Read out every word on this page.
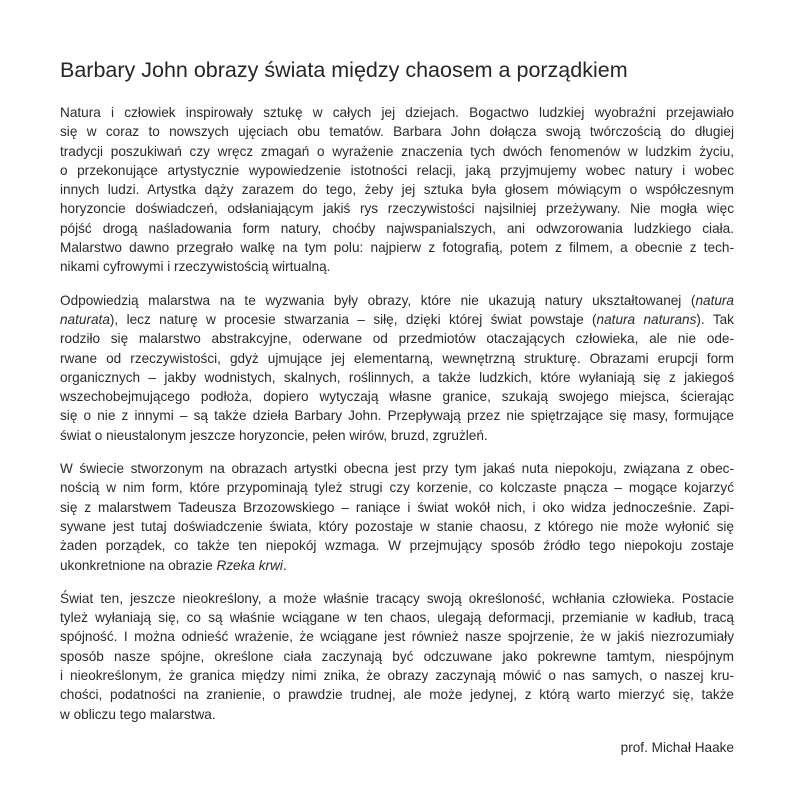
Barbary John obrazy świata między chaosem a porządkiem

Natura i człowiek inspirowały sztukę w całych jej dziejach. Bogactwo ludzkiej wyobraźni przejawiało
się w coraz to nowszych ujęciach obu tematów. Barbara John dołącza swoją twórczością do długiej
tradycji poszukiwań czy wręcz zmagań o wyrażenie znaczenia tych dwóch fenomenów w ludzkim życiu,
o przekonujące artystycznie wypowiedzenie istotności relacji, jaką przyjmujemy wobec natury i wobec
innych ludzi. Artystka dąży zarazem do tego, żeby jej sztuka była głosem mówiącym o współczesnym
horyzoncie doświadczeń, odsłaniającym jakiś rys rzeczywistości najsilniej przeżywany. Nie mogła więc
pójść drogą naśladowania form natury, choćby najwspanialszych, ani odwzorowania ludzkiego ciała.
Malarstwo dawno przegrało walkę na tym polu: najpierw z fotografią, potem z filmem, a obecnie z tech-
nikami cyfrowymi i rzeczywistością wirtualną.

Odpowiedzią malarstwa na te wyzwania były obrazy, które nie ukazują natury ukształtowanej (natura
naturata), lecz naturę w procesie stwarzania – siłę, dzięki której świat powstaje (natura naturans). Tak
rodziło się malarstwo abstrakcyjne, oderwane od przedmiotów otaczających człowieka, ale nie ode-
rwane od rzeczywistości, gdyż ujmujące jej elementarną, wewnętrzną strukturę. Obrazami erupcji form
organicznych – jakby wodnistych, skalnych, roślinnych, a także ludzkich, które wyłaniają się z jakiegoś
wszechobejmującego podłoża, dopiero wytyczają własne granice, szukają swojego miejsca, ścierając
się o nie z innymi – są także dzieła Barbary John. Przepływają przez nie spiętrzające się masy, formujące
świat o nieustalonym jeszcze horyzoncie, pełen wirów, bruzd, zgrużleń.

W świecie stworzonym na obrazach artystki obecna jest przy tym jakaś nuta niepokoju, związana z obec-
nością w nim form, które przypominają tyleż strugi czy korzenie, co kolczaste pnącza – mogące kojarzyć
się z malarstwem Tadeusza Brzozowskiego – raniące i świat wokół nich, i oko widza jednocześnie. Zapi-
sywane jest tutaj doświadczenie świata, który pozostaje w stanie chaosu, z którego nie może wyłonić się
żaden porządek, co także ten niepokój wzmaga. W przejmujący sposób źródło tego niepokoju zostaje
ukonkretnione na obrazie Rzeka krwi.

Świat ten, jeszcze nieokreślony, a może właśnie tracący swoją określoność, wchłania człowieka. Postacie
tyleż wyłaniają się, co są właśnie wciągane w ten chaos, ulegają deformacji, przemianie w kadłub, tracą
spójność. I można odnieść wrażenie, że wciągane jest również nasze spojrzenie, że w jakiś niezrozumiały
sposób nasze spójne, określone ciała zaczynają być odczuwane jako pokrewne tamtym, niespójnym
i nieokreślonym, że granica między nimi znika, że obrazy zaczynają mówić o nas samych, o naszej kru-
chości, podatności na zranienie, o prawdzie trudnej, ale może jedynej, z którą warto mierzyć się, także
w obliczu tego malarstwa.

prof. Michał Haake
